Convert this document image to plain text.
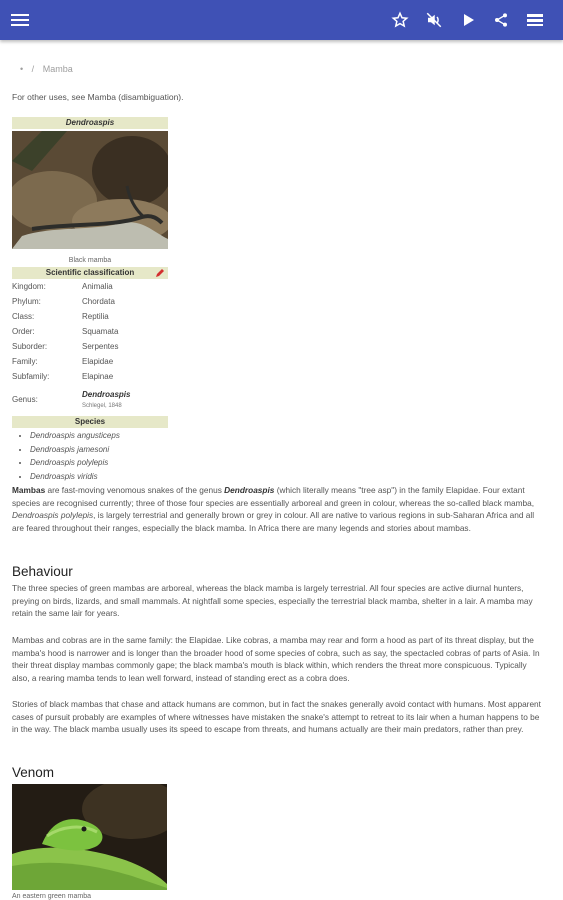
• / Mamba
For other uses, see Mamba (disambiguation).
Dendroaspis
Black mamba
Scientific classification
Kingdom:	Animalia
Phylum:	Chordata
Class:	Reptilia
Order:	Squamata
Suborder:	Serpentes
Family:	Elapidae
Subfamily:	Elapinae
Genus:	Dendroaspis
Schlegel, 1848
Species
• Dendroaspis angusticeps
• Dendroaspis jamesoni
• Dendroaspis polylepis
• Dendroaspis viridis
Mambas are fast-moving venomous snakes of the genus Dendroaspis (which literally means "tree asp") in the family Elapidae. Four extant species are recognised currently; three of those four species are essentially arboreal and green in colour, whereas the so-called black mamba, Dendroaspis polylepis, is largely terrestrial and generally brown or grey in colour. All are native to various regions in sub-Saharan Africa and all are feared throughout their ranges, especially the black mamba. In Africa there are many legends and stories about mambas.
Behaviour
The three species of green mambas are arboreal, whereas the black mamba is largely terrestrial. All four species are active diurnal hunters, preying on birds, lizards, and small mammals. At nightfall some species, especially the terrestrial black mamba, shelter in a lair. A mamba may retain the same lair for years.
Mambas and cobras are in the same family: the Elapidae. Like cobras, a mamba may rear and form a hood as part of its threat display, but the mamba's hood is narrower and is longer than the broader hood of some species of cobra, such as say, the spectacled cobras of parts of Asia. In their threat display mambas commonly gape; the black mamba's mouth is black within, which renders the threat more conspicuous. Typically also, a rearing mamba tends to lean well forward, instead of standing erect as a cobra does.
Stories of black mambas that chase and attack humans are common, but in fact the snakes generally avoid contact with humans. Most apparent cases of pursuit probably are examples of where witnesses have mistaken the snake's attempt to retreat to its lair when a human happens to be in the way. The black mamba usually uses its speed to escape from threats, and humans actually are their main predators, rather than prey.
Venom
An eastern green mamba
